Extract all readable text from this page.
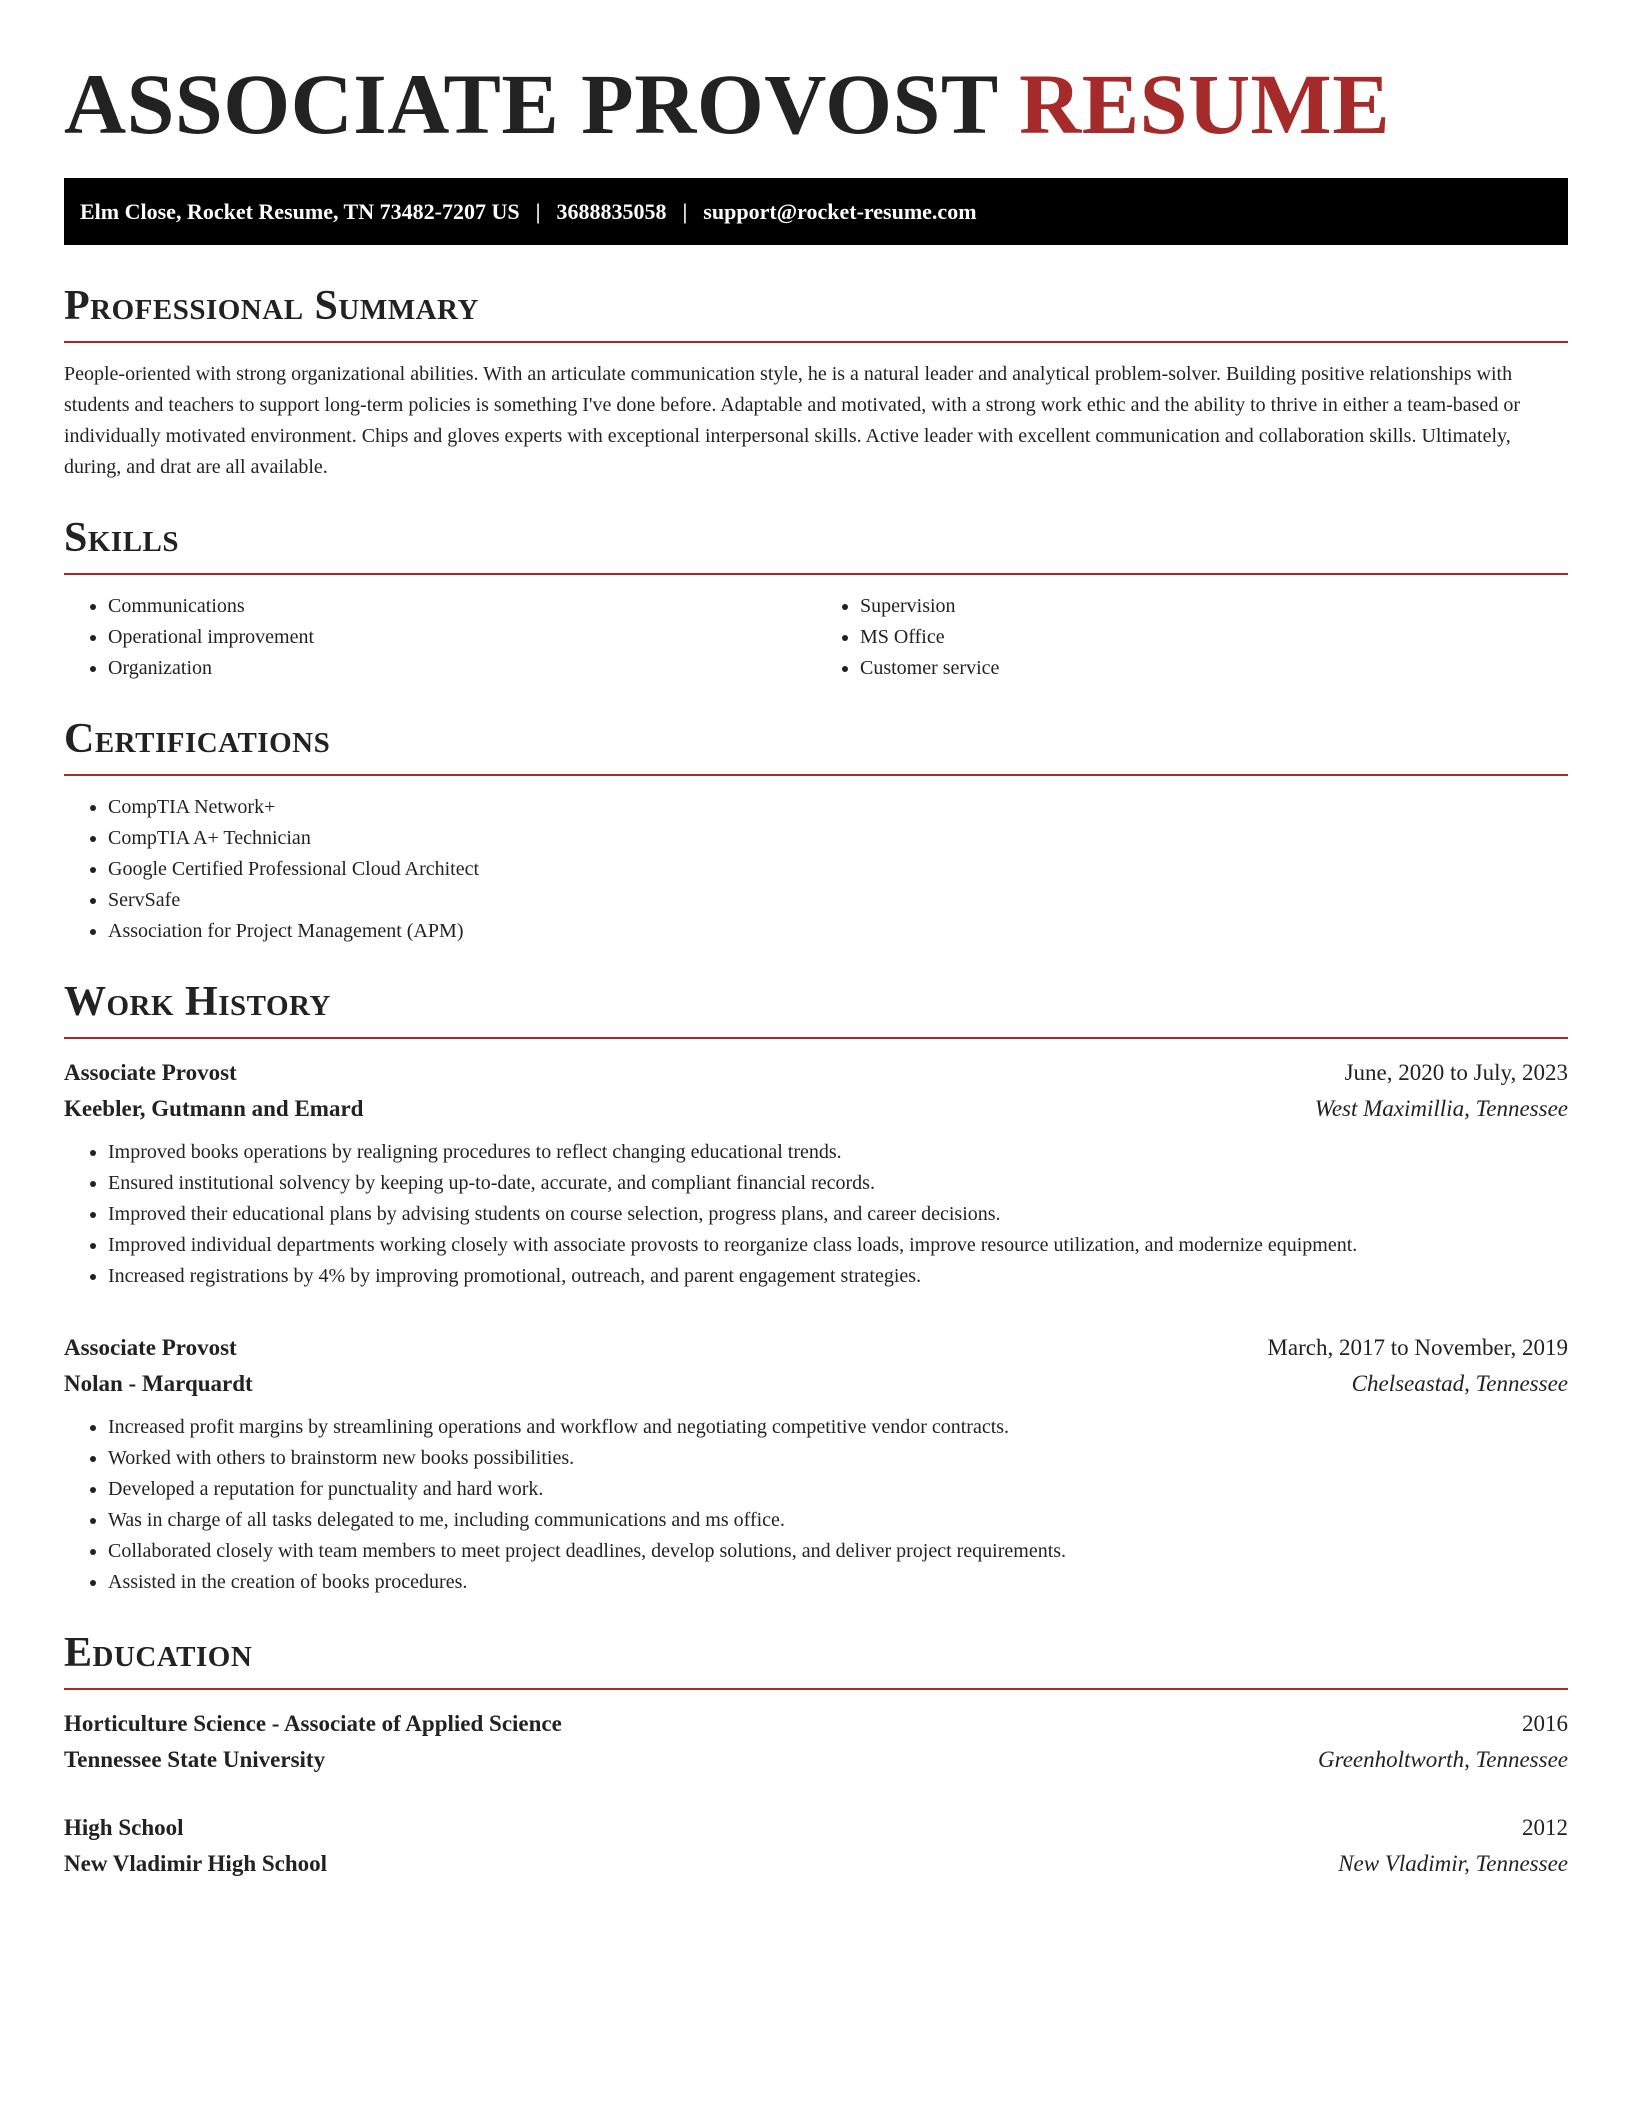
ASSOCIATE PROVOST RESUME
Elm Close, Rocket Resume, TN 73482-7207 US | 3688835058 | support@rocket-resume.com
Professional Summary

People-oriented with strong organizational abilities. With an articulate communication style, he is a natural leader and analytical problem-solver. Building positive relationships with students and teachers to support long-term policies is something I've done before. Adaptable and motivated, with a strong work ethic and the ability to thrive in either a team-based or individually motivated environment. Chips and gloves experts with exceptional interpersonal skills. Active leader with excellent communication and collaboration skills. Ultimately, during, and drat are all available.

Skills
• Communications
• Operational improvement
• Organization
• Supervision
• MS Office
• Customer service
Certifications
• CompTIA Network+
• CompTIA A+ Technician
• Google Certified Professional Cloud Architect
• ServSafe
• Association for Project Management (APM)
Work History
Associate Provost	June, 2020 to July, 2023
Keebler, Gutmann and Emard	West Maximillia, Tennessee
• Improved books operations by realigning procedures to reflect changing educational trends.
• Ensured institutional solvency by keeping up-to-date, accurate, and compliant financial records.
• Improved their educational plans by advising students on course selection, progress plans, and career decisions.
• Improved individual departments working closely with associate provosts to reorganize class loads, improve resource utilization, and modernize equipment.
• Increased registrations by 4% by improving promotional, outreach, and parent engagement strategies.
Associate Provost	March, 2017 to November, 2019
Nolan - Marquardt	Chelseastad, Tennessee
• Increased profit margins by streamlining operations and workflow and negotiating competitive vendor contracts.
• Worked with others to brainstorm new books possibilities.
• Developed a reputation for punctuality and hard work.
• Was in charge of all tasks delegated to me, including communications and ms office.
• Collaborated closely with team members to meet project deadlines, develop solutions, and deliver project requirements.
• Assisted in the creation of books procedures.
Education
Horticulture Science - Associate of Applied Science	2016
Tennessee State University	Greenholtworth, Tennessee
High School	2012
New Vladimir High School	New Vladimir, Tennessee
